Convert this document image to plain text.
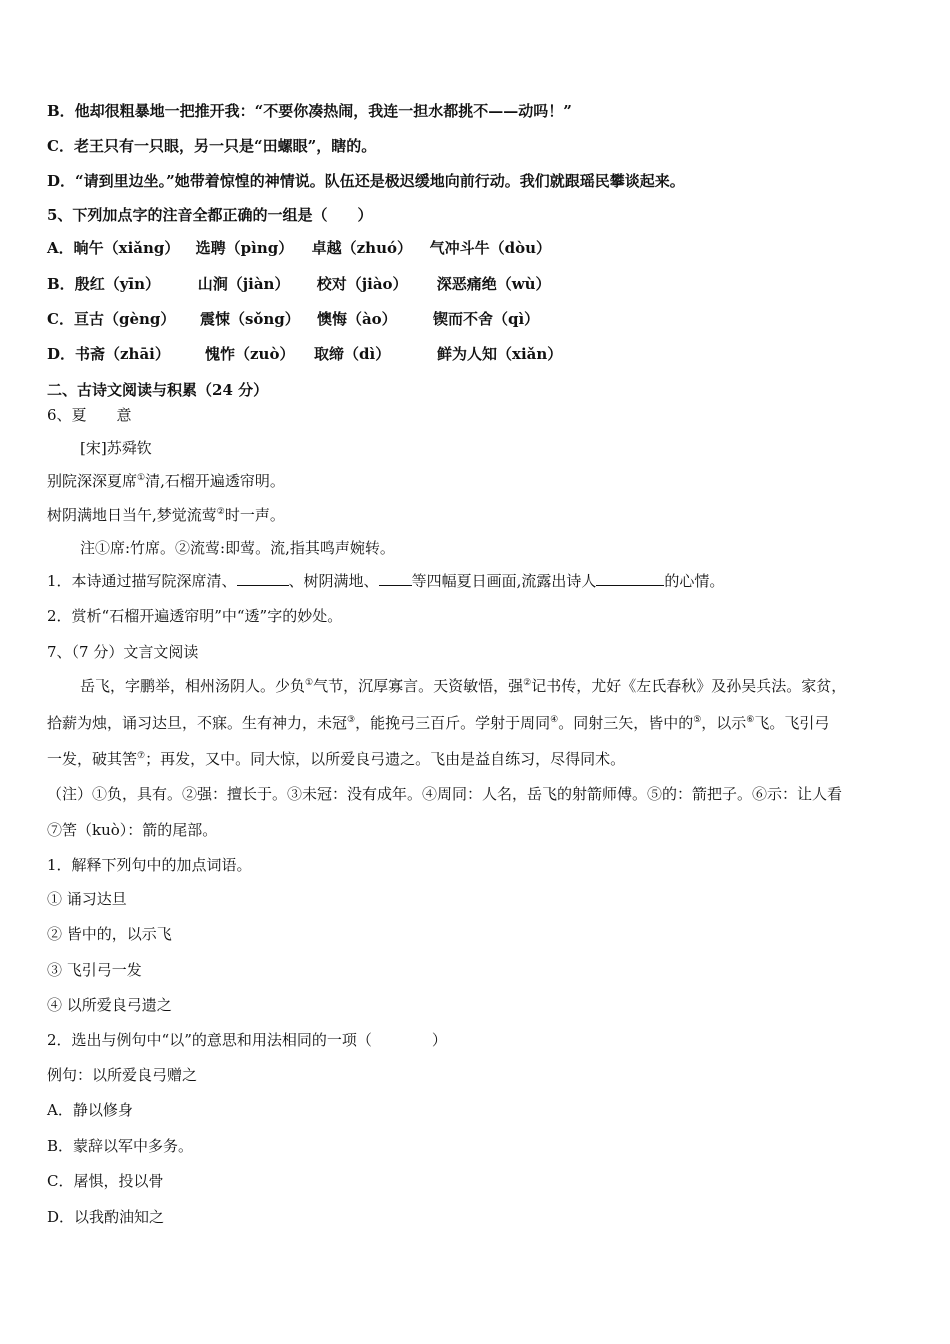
B．他却很粗暴地一把推开我：“不要你凑热闹，我连一担水都挑不——动吗！”
C．老王只有一只眼，另一只是“田螺眼”，瞎的。
D．“请到里边坐。”她带着惊惶的神情说。队伍还是极迟缓地向前行动。我们就跟瑶民攀谈起来。
5、下列加点字的注音全都正确的一组是（　　）
A．晌午（xiǎng） 选聘（pìng） 卓越（zhuó） 气冲斗牛（dòu）
B．殷红（yīn）	山涧（jiàn） 校对（jiào） 深恶痛绝（wù）
C．亘古（gèng） 震悚（sǒng） 懊悔（ào） 锲而不舍（qì）
D．书斋（zhāi） 愧怍（zuò） 取缔（dì）	鲜为人知（xiǎn）
二、古诗文阅读与积累（24 分）
6、夏　　意
[宋]苏舜钦
别院深深夏席①清,石榴开遍透帘明。
树阴满地日当午,梦觉流莺②时一声。
注①席:竹席。②流莺:即莺。流,指其鸣声婉转。
1．本诗通过描写院深席清、	、树阴满地、 等四幅夏日画面,流露出诗人	的心情。
2．赏析“石榴开遍透帘明”中“透”字的妙处。
7、（7 分）文言文阅读
岳飞，字鹏举，相州汤阴人。少负①气节，沉厚寡言。天资敏悟，强②记书传，尤好《左氏春秋》及孙吴兵法。家贫，
拾薪为烛，诵习达旦，不寐。生有神力，未冠③，能挽弓三百斤。学射于周同④。同射三矢，皆中的⑤，以示⑥飞。飞引弓
一发，破其筈⑦；再发，又中。同大惊，以所爱良弓遗之。飞由是益自练习，尽得同术。
（注）①负，具有。②强：擅长于。③未冠：没有成年。④周同：人名，岳飞的射箭师傅。⑤的：箭把子。⑥示：让人看
⑦筈（kuò）：箭的尾部。
1．解释下列句中的加点词语。
① 诵习达旦
② 皆中的，以示飞
③ 飞引弓一发
④ 以所爱良弓遗之
2．选出与例句中“以”的意思和用法相同的一项（　　　　）
例句：以所爱良弓赠之
A．静以修身
B．蒙辞以军中多务。
C．屠惧，投以骨
D．以我酌油知之
